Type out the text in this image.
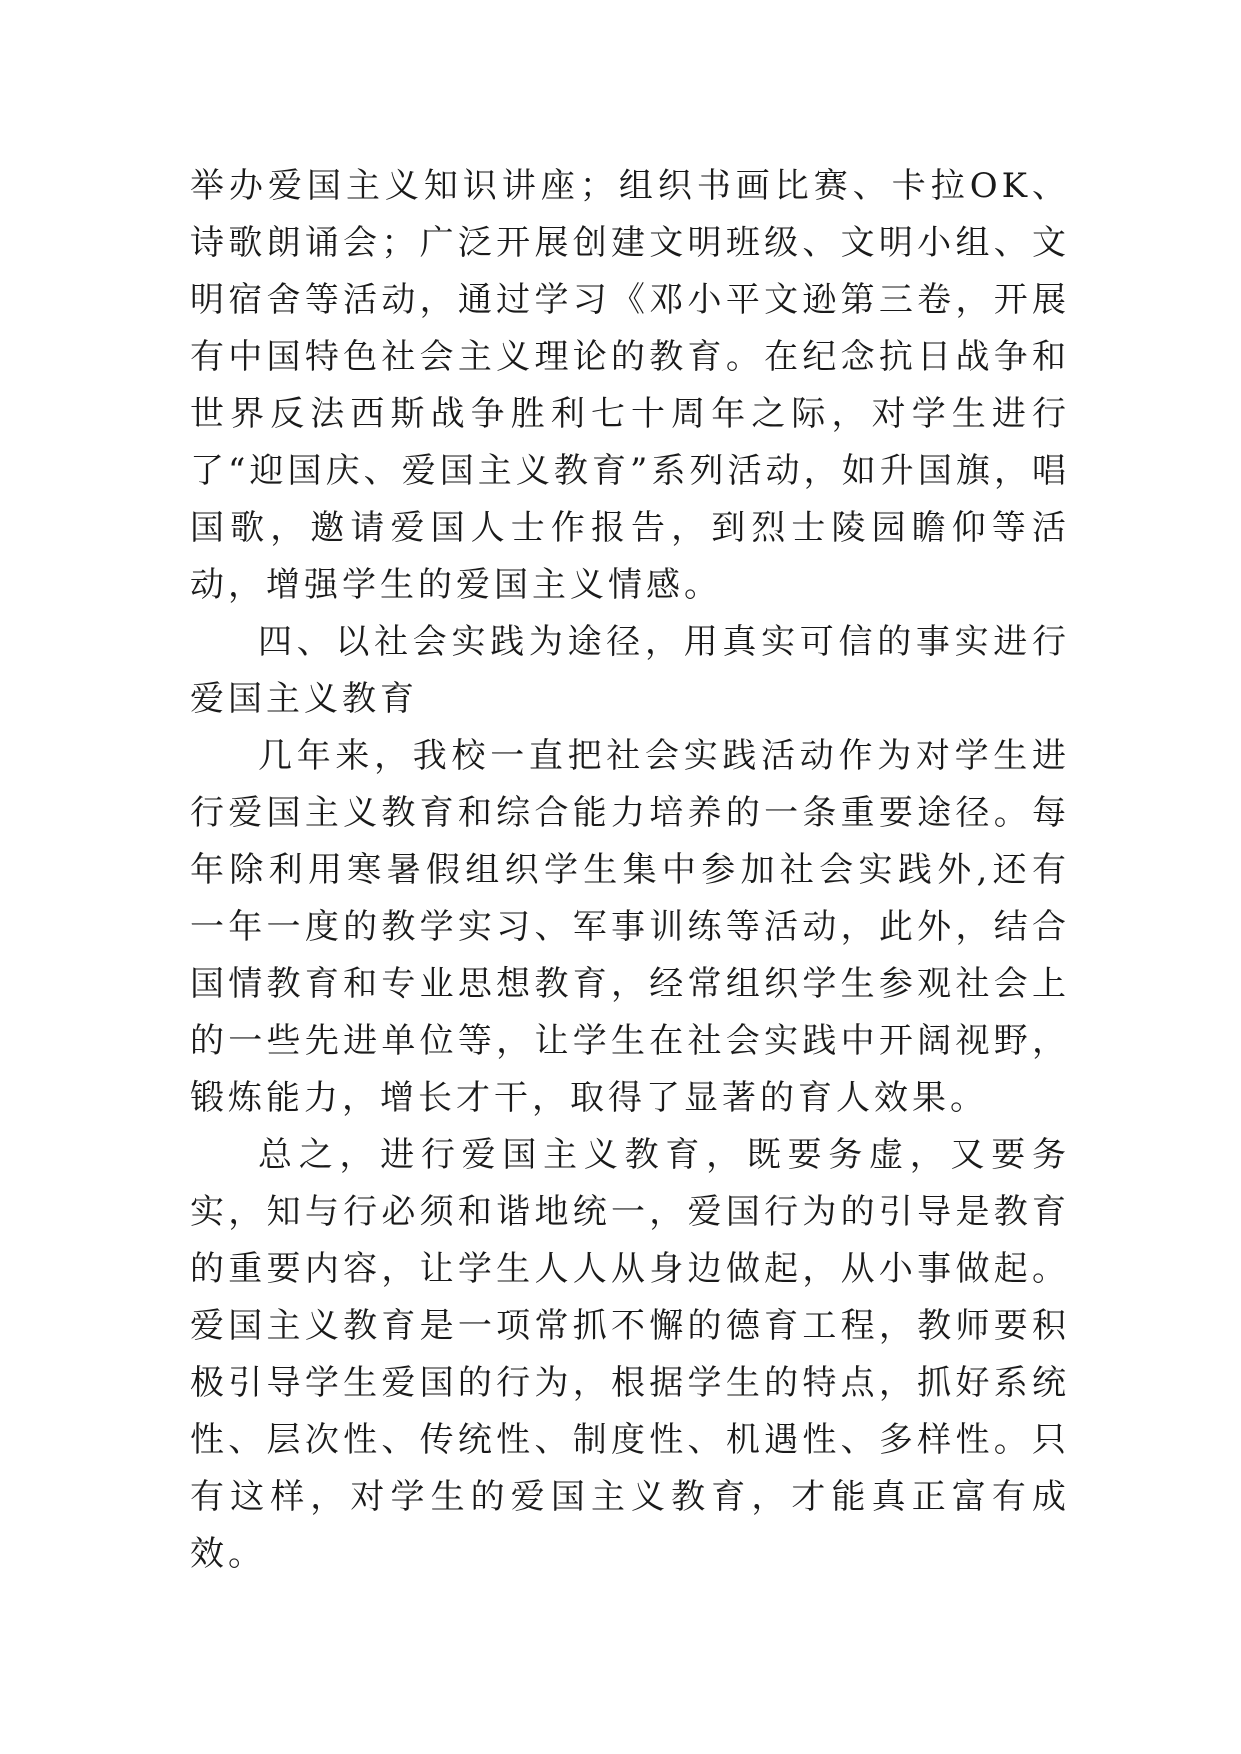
举办爱国主义知识讲座；组织书画比赛、卡拉OK、诗歌朗诵会；广泛开展创建文明班级、文明小组、文明宿舍等活动，通过学习《邓小平文逊第三卷，开展有中国特色社会主义理论的教育。在纪念抗日战争和世界反法西斯战争胜利七十周年之际，对学生进行了“迎国庆、爱国主义教育”系列活动，如升国旗，唱国歌，邀请爱国人士作报告，到烈士陵园瞻仰等活动，增强学生的爱国主义情感。

四、以社会实践为途径，用真实可信的事实进行爱国主义教育

几年来，我校一直把社会实践活动作为对学生进行爱国主义教育和综合能力培养的一条重要途径。每年除利用寒暑假组织学生集中参加社会实践外,还有一年一度的教学实习、军事训练等活动，此外，结合国情教育和专业思想教育，经常组织学生参观社会上的一些先进单位等，让学生在社会实践中开阔视野，锻炼能力，增长才干，取得了显著的育人效果。

总之，进行爱国主义教育，既要务虚，又要务实，知与行必须和谐地统一，爱国行为的引导是教育的重要内容，让学生人人从身边做起，从小事做起。爱国主义教育是一项常抓不懈的德育工程，教师要积极引导学生爱国的行为，根据学生的特点，抓好系统性、层次性、传统性、制度性、机遇性、多样性。只有这样，对学生的爱国主义教育，才能真正富有成效。
